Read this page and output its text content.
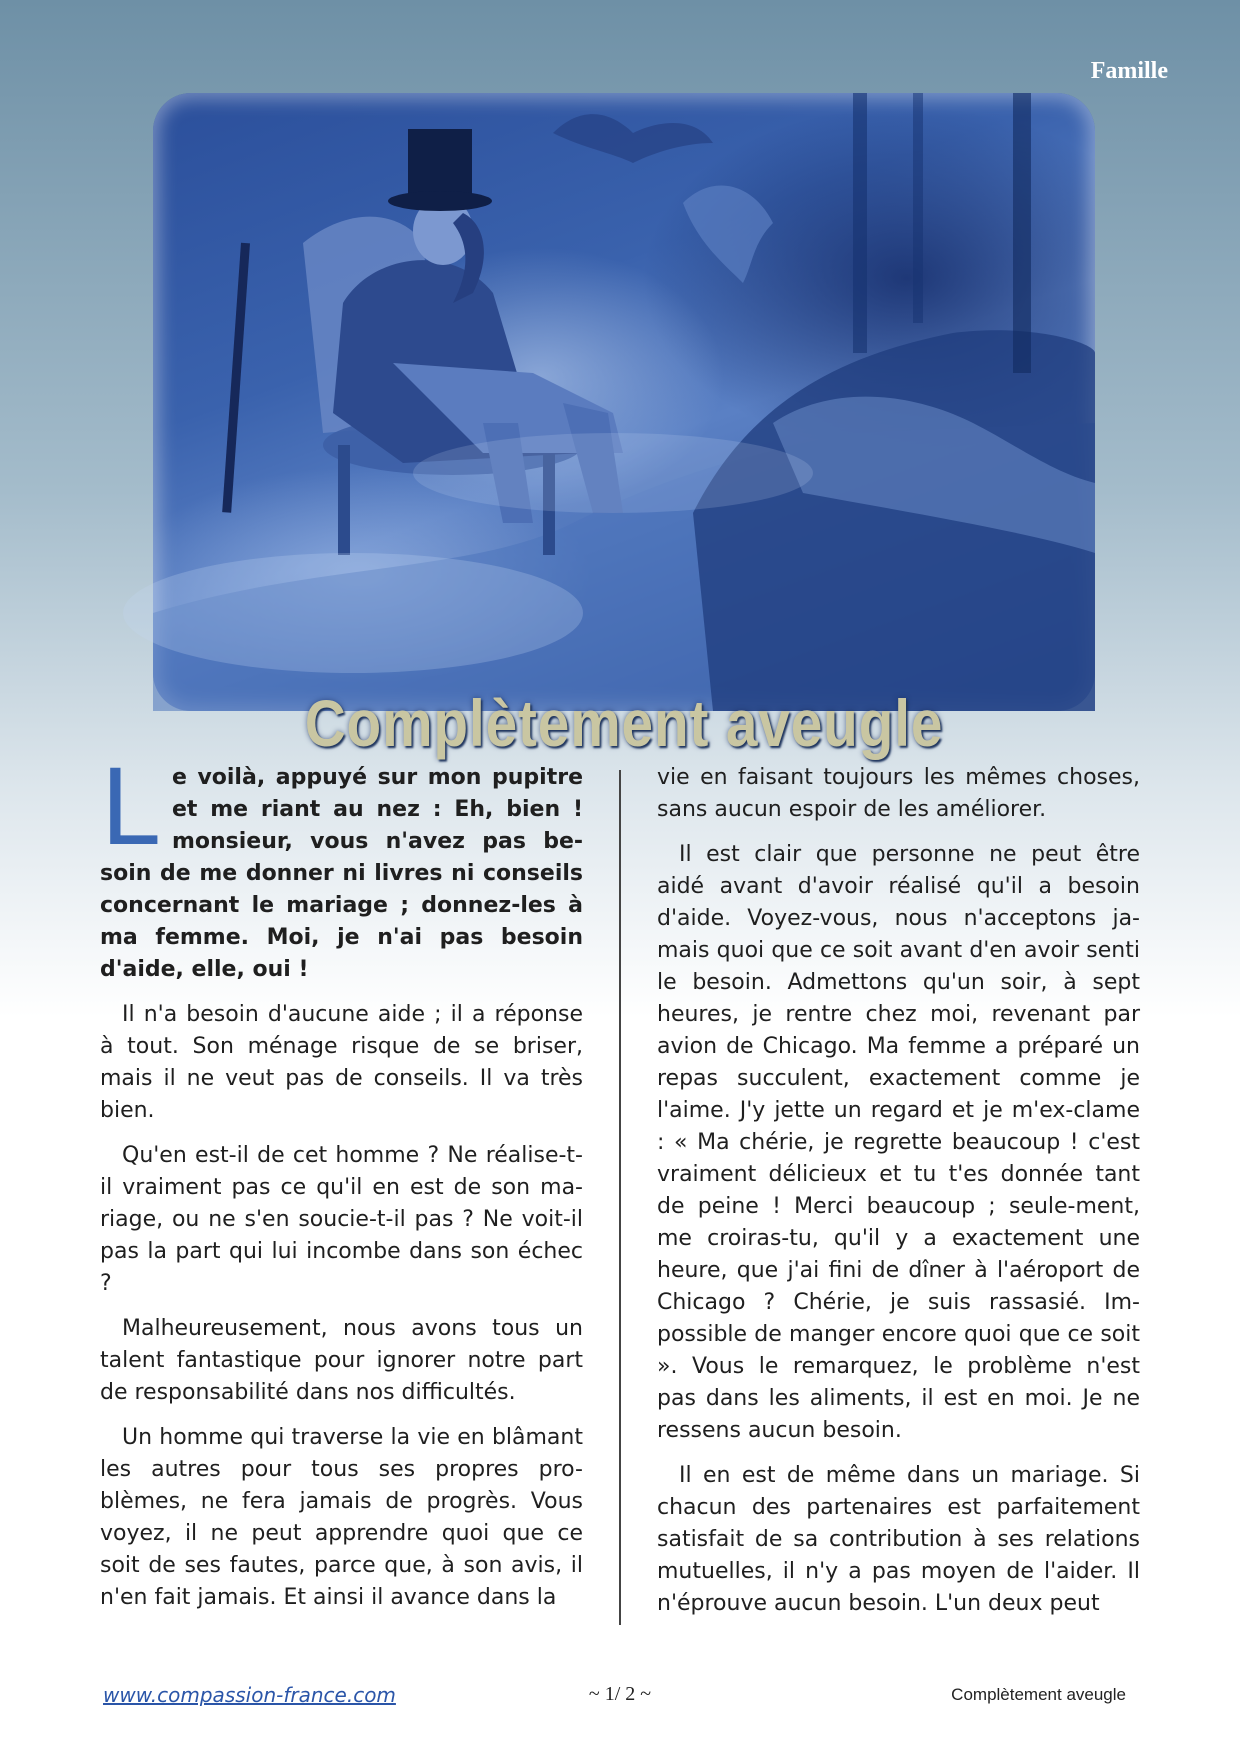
Famille
Complètement aveugle

Le voilà, appuyé sur mon pupitre et me riant au nez : Eh, bien ! monsieur, vous n'avez pas be-soin de me donner ni livres ni conseils concernant le mariage ; donnez-les à ma femme. Moi, je n'ai pas besoin d'aide, elle, oui !

Il n'a besoin d'aucune aide ; il a réponse à tout. Son ménage risque de se briser, mais il ne veut pas de conseils. Il va très bien.

Qu'en est-il de cet homme ? Ne réalise-t-il vraiment pas ce qu'il en est de son ma-riage, ou ne s'en soucie-t-il pas ? Ne voit-il pas la part qui lui incombe dans son échec ?

Malheureusement, nous avons tous un talent fantastique pour ignorer notre part de responsabilité dans nos difficultés.

Un homme qui traverse la vie en blâmant les autres pour tous ses propres pro-blèmes, ne fera jamais de progrès. Vous voyez, il ne peut apprendre quoi que ce soit de ses fautes, parce que, à son avis, il n'en fait jamais. Et ainsi il avance dans la

vie en faisant toujours les mêmes choses, sans aucun espoir de les améliorer.

Il est clair que personne ne peut être aidé avant d'avoir réalisé qu'il a besoin d'aide. Voyez-vous, nous n'acceptons ja-mais quoi que ce soit avant d'en avoir senti le besoin. Admettons qu'un soir, à sept heures, je rentre chez moi, revenant par avion de Chicago. Ma femme a préparé un repas succulent, exactement comme je l'aime. J'y jette un regard et je m'ex-clame : « Ma chérie, je regrette beaucoup ! c'est vraiment délicieux et tu t'es donnée tant de peine ! Merci beaucoup ; seule-ment, me croiras-tu, qu'il y a exactement une heure, que j'ai fini de dîner à l'aéroport de Chicago ? Chérie, je suis rassasié. Im-possible de manger encore quoi que ce soit ». Vous le remarquez, le problème n'est pas dans les aliments, il est en moi. Je ne ressens aucun besoin.

Il en est de même dans un mariage. Si chacun des partenaires est parfaitement satisfait de sa contribution à ses relations mutuelles, il n'y a pas moyen de l'aider. Il n'éprouve aucun besoin. L'un deux peut

www.compassion-france.com	~ 1/ 2 ~	Complètement aveugle
